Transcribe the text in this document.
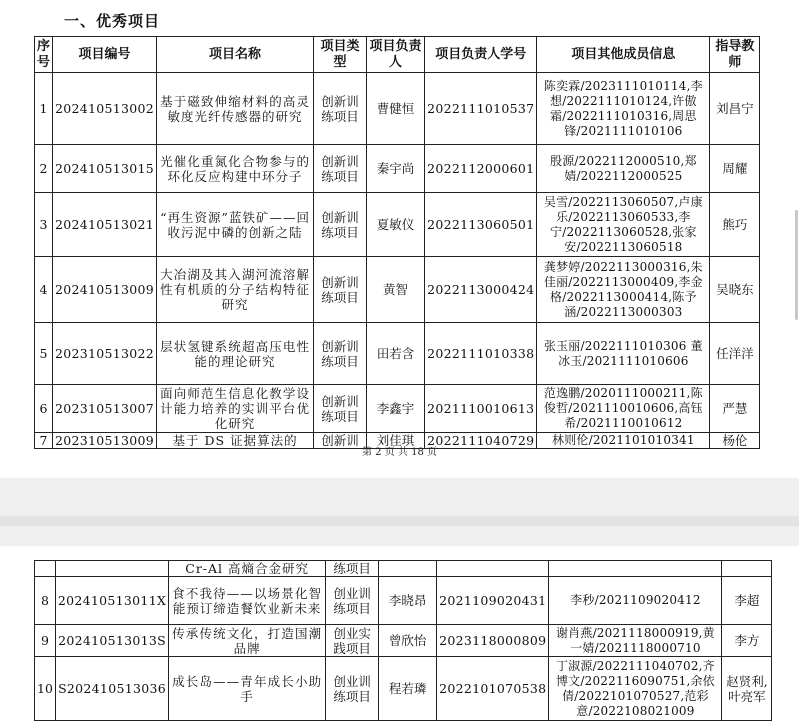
一、优秀项目
序号	项目编号	项目名称	项目类型	项目负责人	项目负责人学号	项目其他成员信息	指导教师
1	202410513002	基于磁致伸缩材料的高灵敏度光纤传感器的研究	创新训练项目	曹健恒	2022111010537	陈奕霖/2023111010114,李想/2022111010124,许傲霜/2022111010316,周思锋/2021111010106	刘昌宁
2	202410513015	光催化重氮化合物参与的环化反应构建中环分子	创新训练项目	秦宇尚	2022112000601	殷源/2022112000510,郑婧/2022112000525	周耀
3	202410513021	“再生资源”蓝铁矿——回收污泥中磷的创新之陆	创新训练项目	夏敏仪	2022113060501	吴雪/2022113060507,卢康乐/2022113060533,李宁/2022113060528,张家安/2022113060518	熊巧
4	202410513009	大冶湖及其入湖河流溶解性有机质的分子结构特征研究	创新训练项目	黄智	2022113000424	龚梦婷/2022113000316,朱佳丽/2022113000409,李金格/2022113000414,陈予涵/2022113000303	吴晓东
5	202310513022	层状氢键系统超高压电性能的理论研究	创新训练项目	田若含	2022111010338	张玉丽/2022111010306 董冰玉/2021111010606	任洋洋
6	202310513007	面向师范生信息化教学设计能力培养的实训平台优化研究	创新训练项目	李鑫宇	2021110010613	范逸鹏/2020111000211,陈俊哲/2021110010606,高钰希/2021110010612	严慧
7	202310513009	基于 DS 证据算法的	创新训	刘佳琪	2022111040729	林则伦/2021101010341	杨伦
第 2 页 共 18 页
		Cr-Al 高熵合金研究	练项目				
8	202410513011X	食不我待——以场景化智能预订缔造餐饮业新未来	创业训练项目	李晓昂	2021109020431	李秒/2021109020412	李超
9	202410513013S	传承传统文化，打造国潮品牌	创业实践项目	曾欣怡	2023118000809	谢肖燕/2021118000919,黄一婧/2021118000710	李方
10	S202410513036	成长岛——青年成长小助手	创业训练项目	程若璘	2022101070538	丁淑源/2022111040702,齐博文/2022116090751,余依倩/2022101070527,范彩意/2022108021009	赵贤利,叶亮军
